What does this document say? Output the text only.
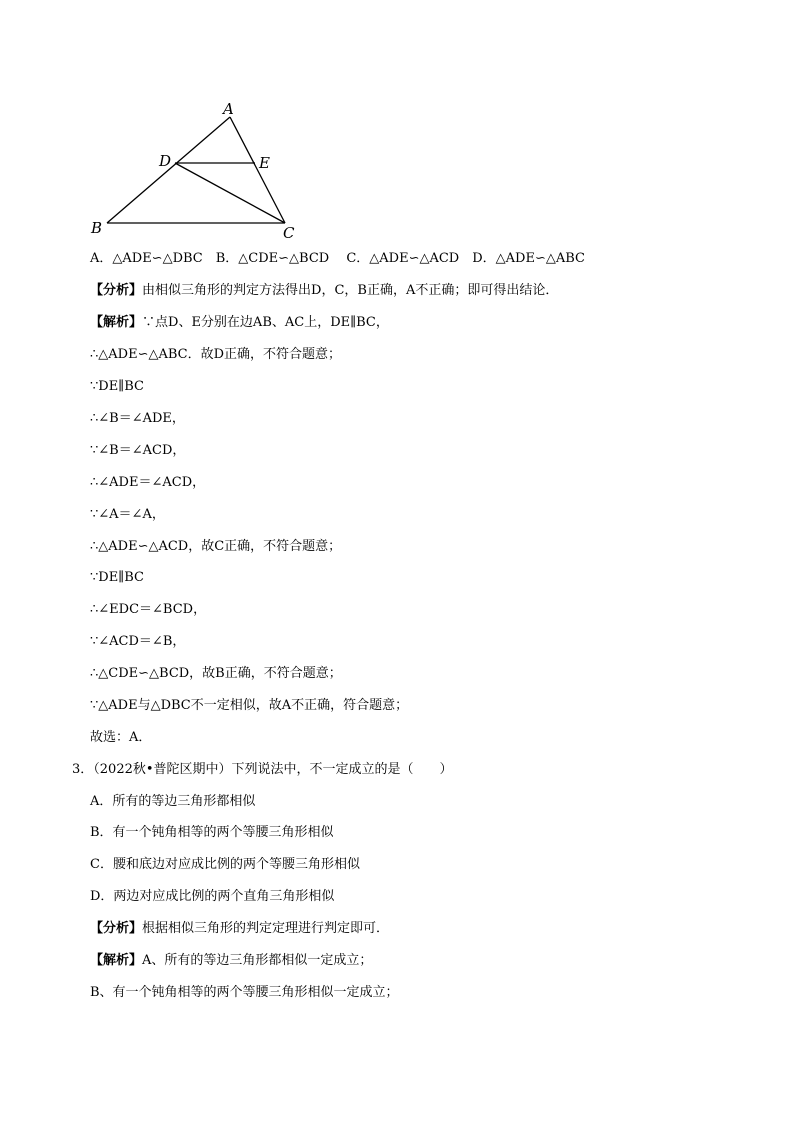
A
B	C
D	E
A．△ADE∽△DBC　B．△CDE∽△BCD　 C．△ADE∽△ACD　D．△ADE∽△ABC
【分析】由相似三角形的判定方法得出D，C，B正确，A不正确；即可得出结论．
【解析】∵点D、E分别在边AB、AC上，DE∥BC，
∴△ADE∽△ABC．故D正确，不符合题意；
∵DE∥BC
∴∠B＝∠ADE，
∵∠B＝∠ACD，
∴∠ADE＝∠ACD，
∵∠A＝∠A，
∴△ADE∽△ACD，故C正确，不符合题意；
∵DE∥BC
∴∠EDC＝∠BCD，
∵∠ACD＝∠B，
∴△CDE∽△BCD，故B正确，不符合题意；
∵△ADE与△DBC不一定相似，故A不正确，符合题意；
故选：A．
3．（2022秋•普陀区期中）下列说法中，不一定成立的是（　　）
A．所有的等边三角形都相似
B．有一个钝角相等的两个等腰三角形相似
C．腰和底边对应成比例的两个等腰三角形相似
D．两边对应成比例的两个直角三角形相似
【分析】根据相似三角形的判定定理进行判定即可．
【解析】A、所有的等边三角形都相似一定成立；
B、有一个钝角相等的两个等腰三角形相似一定成立；
